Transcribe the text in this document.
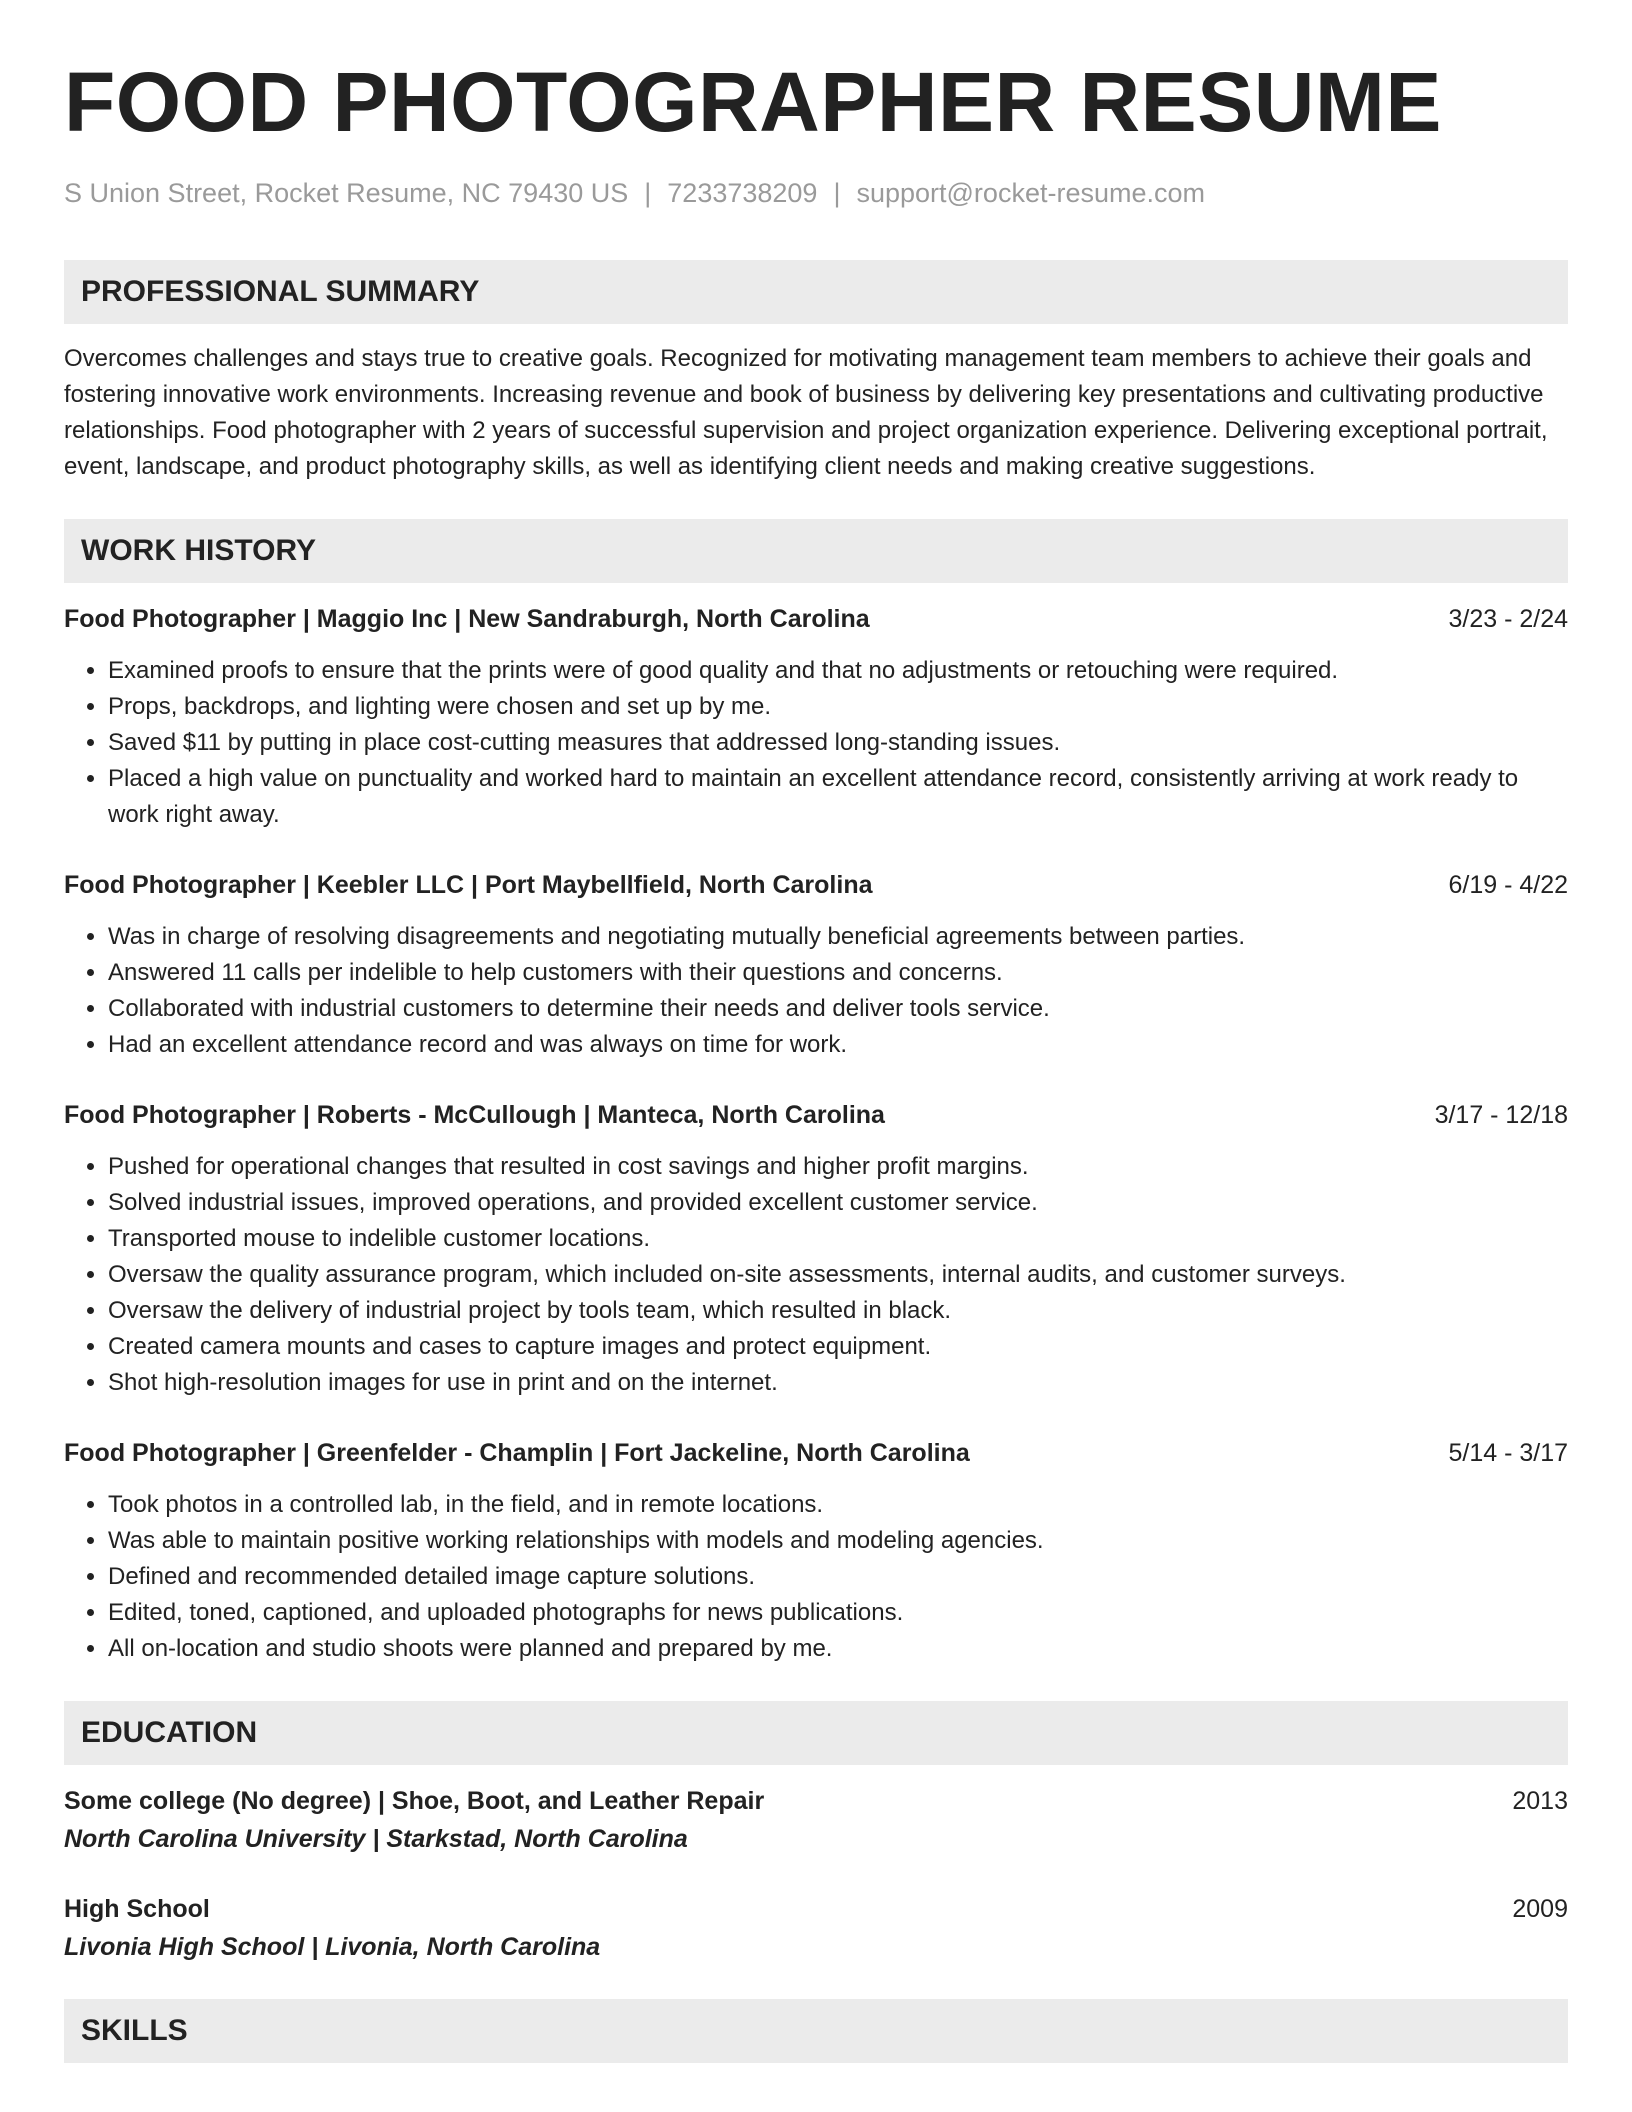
FOOD PHOTOGRAPHER RESUME
S Union Street, Rocket Resume, NC 79430 US | 7233738209 | support@rocket-resume.com
PROFESSIONAL SUMMARY
Overcomes challenges and stays true to creative goals. Recognized for motivating management team members to achieve their goals and fostering innovative work environments. Increasing revenue and book of business by delivering key presentations and cultivating productive relationships. Food photographer with 2 years of successful supervision and project organization experience. Delivering exceptional portrait, event, landscape, and product photography skills, as well as identifying client needs and making creative suggestions.
WORK HISTORY
Food Photographer | Maggio Inc | New Sandraburgh, North Carolina	3/23 - 2/24
• Examined proofs to ensure that the prints were of good quality and that no adjustments or retouching were required.
• Props, backdrops, and lighting were chosen and set up by me.
• Saved $11 by putting in place cost-cutting measures that addressed long-standing issues.
• Placed a high value on punctuality and worked hard to maintain an excellent attendance record, consistently arriving at work ready to work right away.
Food Photographer | Keebler LLC | Port Maybellfield, North Carolina	6/19 - 4/22
• Was in charge of resolving disagreements and negotiating mutually beneficial agreements between parties.
• Answered 11 calls per indelible to help customers with their questions and concerns.
• Collaborated with industrial customers to determine their needs and deliver tools service.
• Had an excellent attendance record and was always on time for work.
Food Photographer | Roberts - McCullough | Manteca, North Carolina	3/17 - 12/18
• Pushed for operational changes that resulted in cost savings and higher profit margins.
• Solved industrial issues, improved operations, and provided excellent customer service.
• Transported mouse to indelible customer locations.
• Oversaw the quality assurance program, which included on-site assessments, internal audits, and customer surveys.
• Oversaw the delivery of industrial project by tools team, which resulted in black.
• Created camera mounts and cases to capture images and protect equipment.
• Shot high-resolution images for use in print and on the internet.
Food Photographer | Greenfelder - Champlin | Fort Jackeline, North Carolina	5/14 - 3/17
• Took photos in a controlled lab, in the field, and in remote locations.
• Was able to maintain positive working relationships with models and modeling agencies.
• Defined and recommended detailed image capture solutions.
• Edited, toned, captioned, and uploaded photographs for news publications.
• All on-location and studio shoots were planned and prepared by me.
EDUCATION
Some college (No degree) | Shoe, Boot, and Leather Repair	2013
North Carolina University | Starkstad, North Carolina
High School	2009
Livonia High School | Livonia, North Carolina
SKILLS
